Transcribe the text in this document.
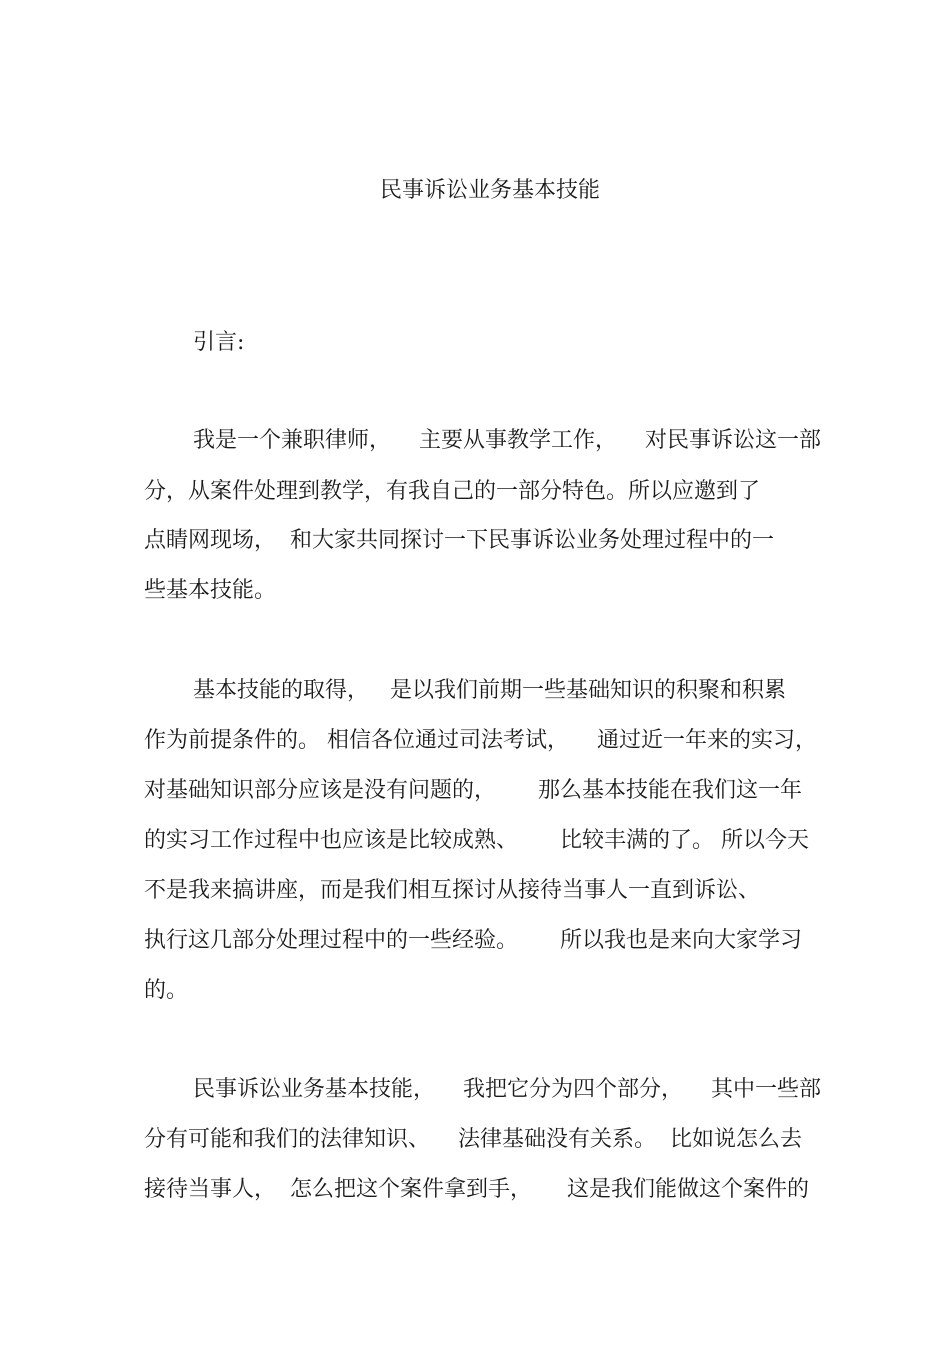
民事诉讼业务基本技能
引言:
我是一个兼职律师，    主要从事教学工作，    对民事诉讼这一部
分，从案件处理到教学，有我自己的一部分特色。所以应邀到了
点睛网现场，  和大家共同探讨一下民事诉讼业务处理过程中的一
些基本技能。
基本技能的取得，   是以我们前期一些基础知识的积聚和积累
作为前提条件的。 相信各位通过司法考试，    通过近一年来的实习，
对基础知识部分应该是没有问题的，      那么基本技能在我们这一年
的实习工作过程中也应该是比较成熟、      比较丰满的了。 所以今天
不是我来搞讲座，而是我们相互探讨从接待当事人一直到诉讼、
执行这几部分处理过程中的一些经验。      所以我也是来向大家学习
的。
民事诉讼业务基本技能，    我把它分为四个部分，    其中一些部
分有可能和我们的法律知识、    法律基础没有关系。  比如说怎么去
接待当事人，  怎么把这个案件拿到手，     这是我们能做这个案件的
